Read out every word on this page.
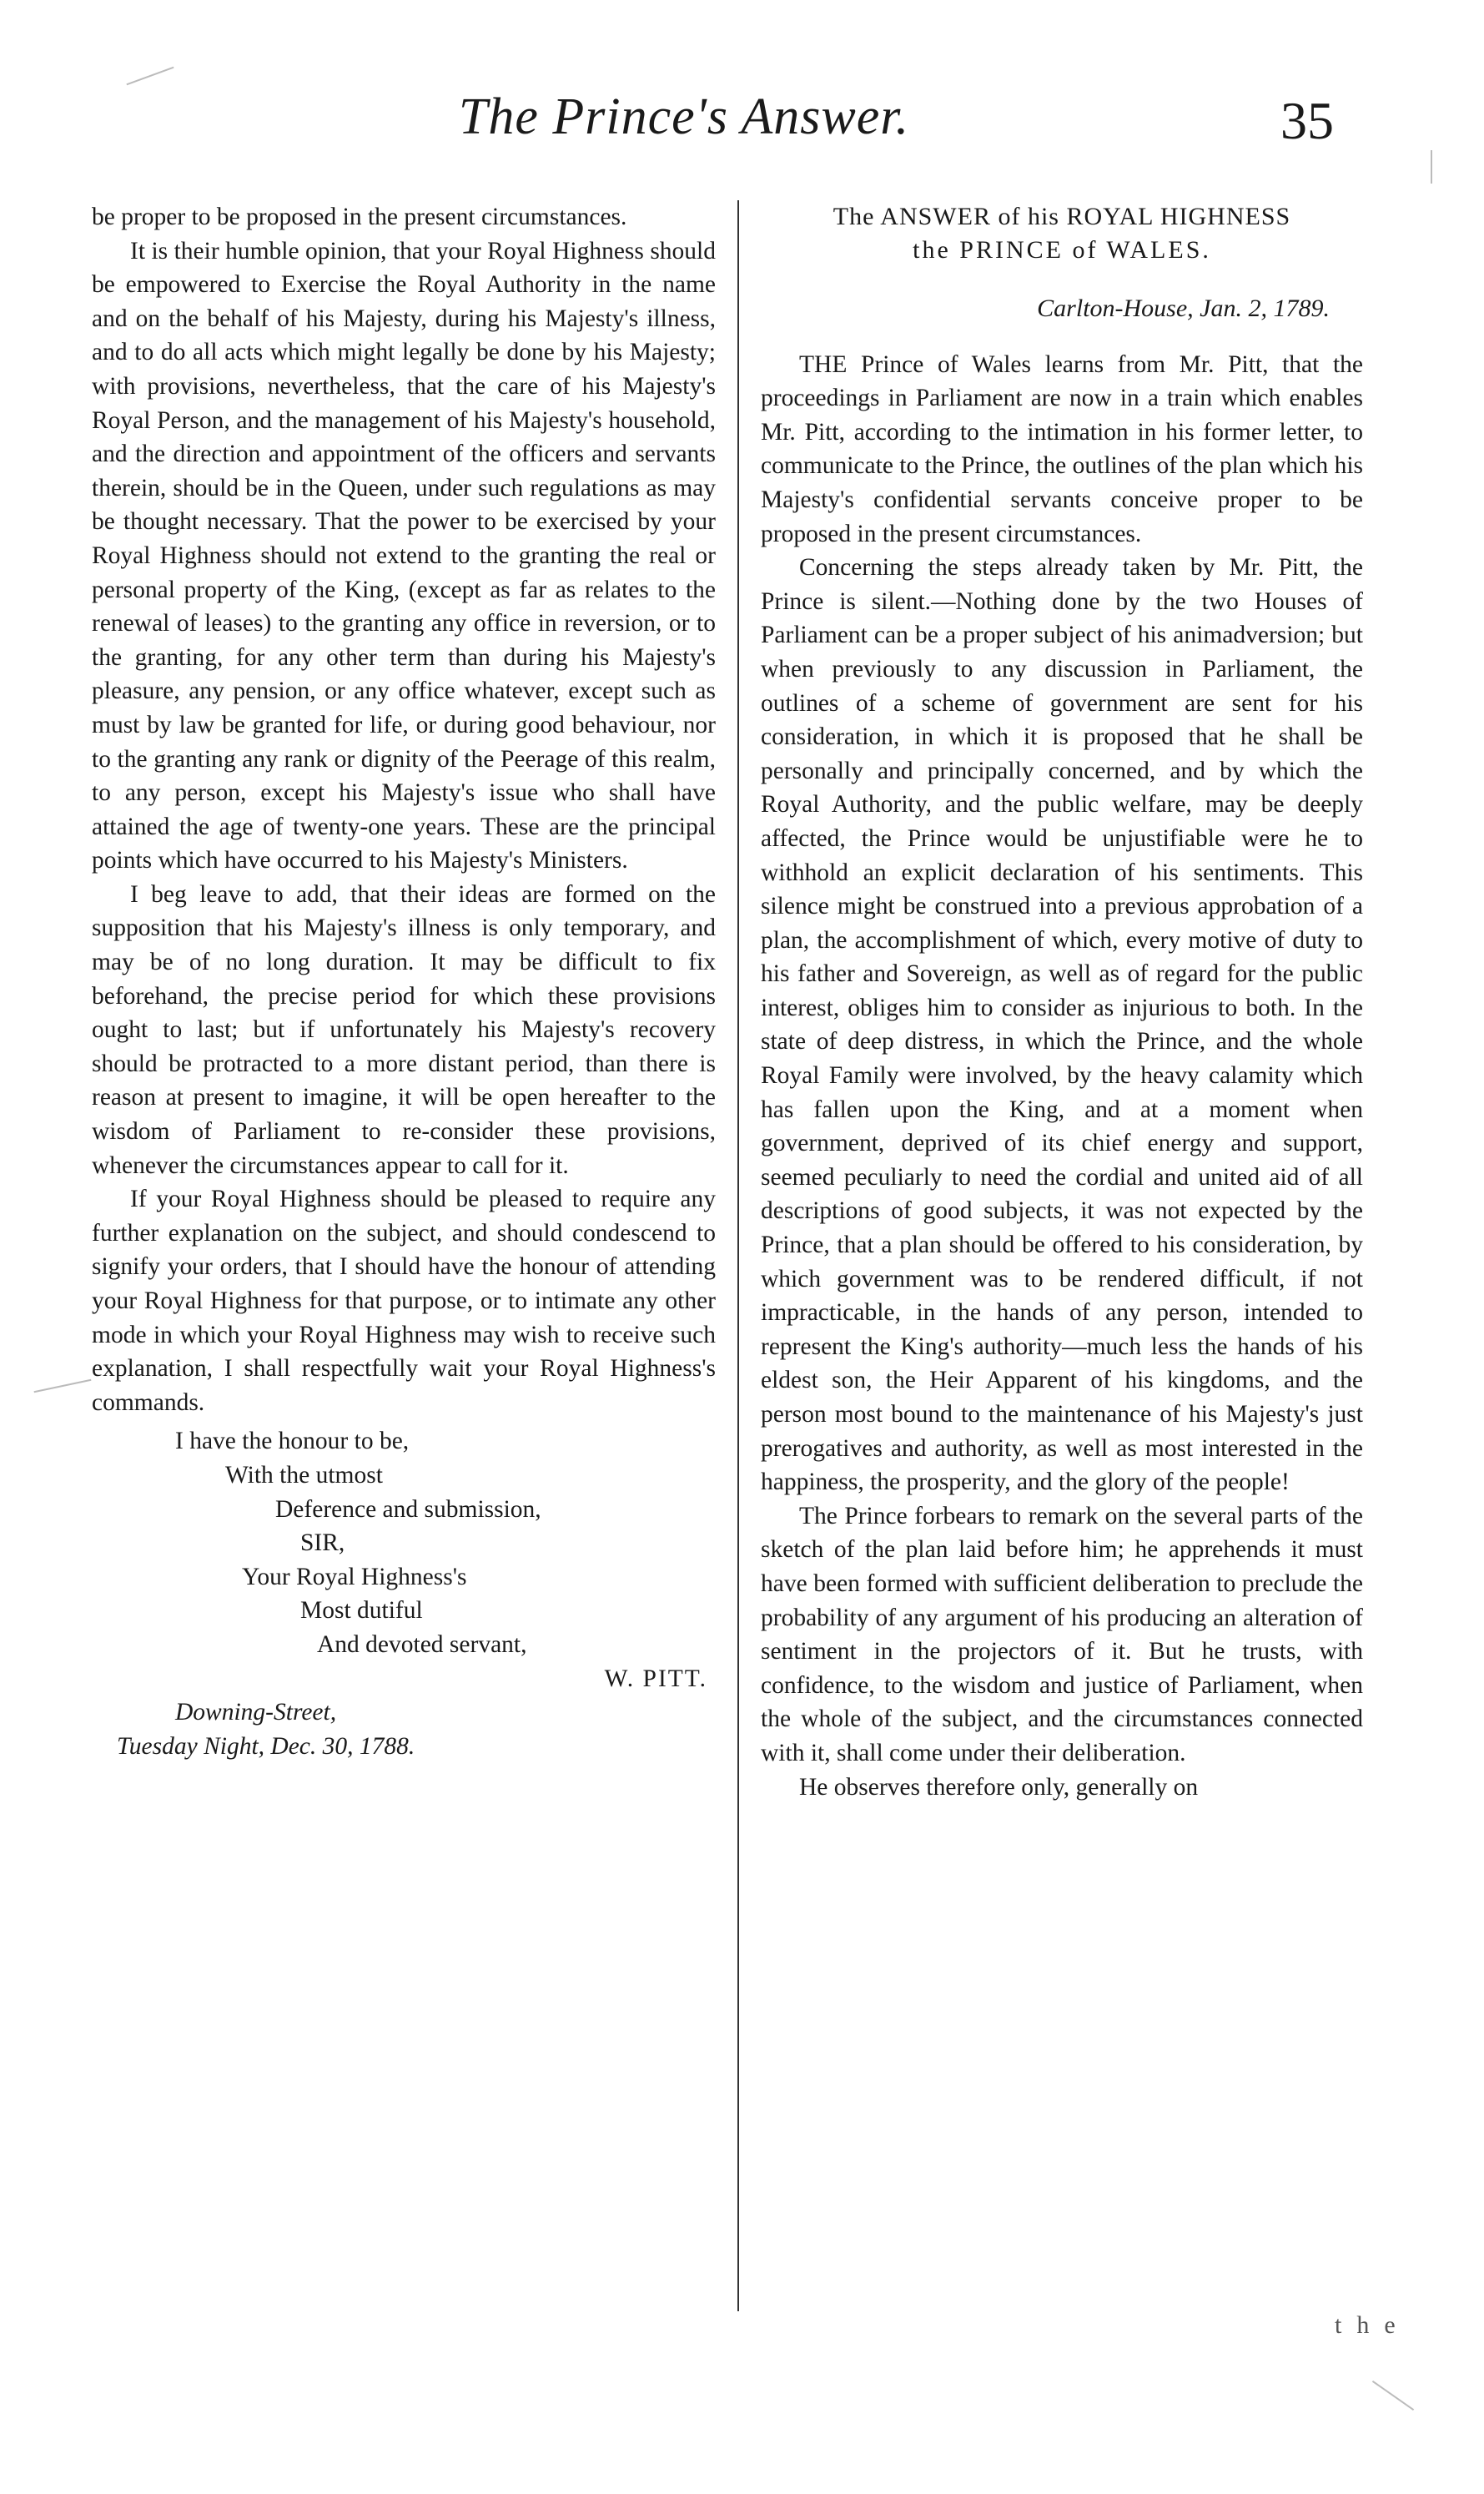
The Prince's Answer.	35

be proper to be proposed in the present circumstances.

It is their humble opinion, that your Royal Highness should be empowered to Exercise the Royal Authority in the name and on the behalf of his Majesty, during his Majesty's illness, and to do all acts which might legally be done by his Majesty; with provisions, nevertheless, that the care of his Majesty's Royal Person, and the management of his Majesty's household, and the direction and appointment of the officers and servants therein, should be in the Queen, under such regulations as may be thought necessary. That the power to be exercised by your Royal Highness should not extend to the granting the real or personal property of the King, (except as far as relates to the renewal of leases) to the granting any office in reversion, or to the granting, for any other term than during his Majesty's pleasure, any pension, or any office whatever, except such as must by law be granted for life, or during good behaviour, nor to the granting any rank or dignity of the Peerage of this realm, to any person, except his Majesty's issue who shall have attained the age of twenty-one years. These are the principal points which have occurred to his Majesty's Ministers.

I beg leave to add, that their ideas are formed on the supposition that his Majesty's illness is only temporary, and may be of no long duration. It may be difficult to fix beforehand, the precise period for which these provisions ought to last; but if unfortunately his Majesty's recovery should be protracted to a more distant period, than there is reason at present to imagine, it will be open hereafter to the wisdom of Parliament to re-consider these provisions, whenever the circumstances appear to call for it.

If your Royal Highness should be pleased to require any further explanation on the subject, and should condescend to signify your orders, that I should have the honour of attending your Royal Highness for that purpose, or to intimate any other mode in which your Royal Highness may wish to receive such explanation, I shall respectfully wait your Royal Highness's commands.

I have the honour to be,

With the utmost

Deference and submission,

SIR,

Your Royal Highness's

Most dutiful

And devoted servant,

W. PITT.

Downing-Street,

Tuesday Night, Dec. 30, 1788.

The ANSWER of his ROYAL HIGHNESS

the PRINCE of WALES.

Carlton-House, Jan. 2, 1789.

THE Prince of Wales learns from Mr. Pitt, that the proceedings in Parliament are now in a train which enables Mr. Pitt, according to the intimation in his former letter, to communicate to the Prince, the outlines of the plan which his Majesty's confidential servants conceive proper to be proposed in the present circumstances.

Concerning the steps already taken by Mr. Pitt, the Prince is silent.—Nothing done by the two Houses of Parliament can be a proper subject of his animadversion; but when previously to any discussion in Parliament, the outlines of a scheme of government are sent for his consideration, in which it is proposed that he shall be personally and principally concerned, and by which the Royal Authority, and the public welfare, may be deeply affected, the Prince would be unjustifiable were he to withhold an explicit declaration of his sentiments. This silence might be construed into a previous approbation of a plan, the accomplishment of which, every motive of duty to his father and Sovereign, as well as of regard for the public interest, obliges him to consider as injurious to both. In the state of deep distress, in which the Prince, and the whole Royal Family were involved, by the heavy calamity which has fallen upon the King, and at a moment when government, deprived of its chief energy and support, seemed peculiarly to need the cordial and united aid of all descriptions of good subjects, it was not expected by the Prince, that a plan should be offered to his consideration, by which government was to be rendered difficult, if not impracticable, in the hands of any person, intended to represent the King's authority—much less the hands of his eldest son, the Heir Apparent of his kingdoms, and the person most bound to the maintenance of his Majesty's just prerogatives and authority, as well as most interested in the happiness, the prosperity, and the glory of the people!

The Prince forbears to remark on the several parts of the sketch of the plan laid before him; he apprehends it must have been formed with sufficient deliberation to preclude the probability of any argument of his producing an alteration of sentiment in the projectors of it. But he trusts, with confidence, to the wisdom and justice of Parliament, when the whole of the subject, and the circumstances connected with it, shall come under their deliberation.

He observes therefore only, generally on

the
